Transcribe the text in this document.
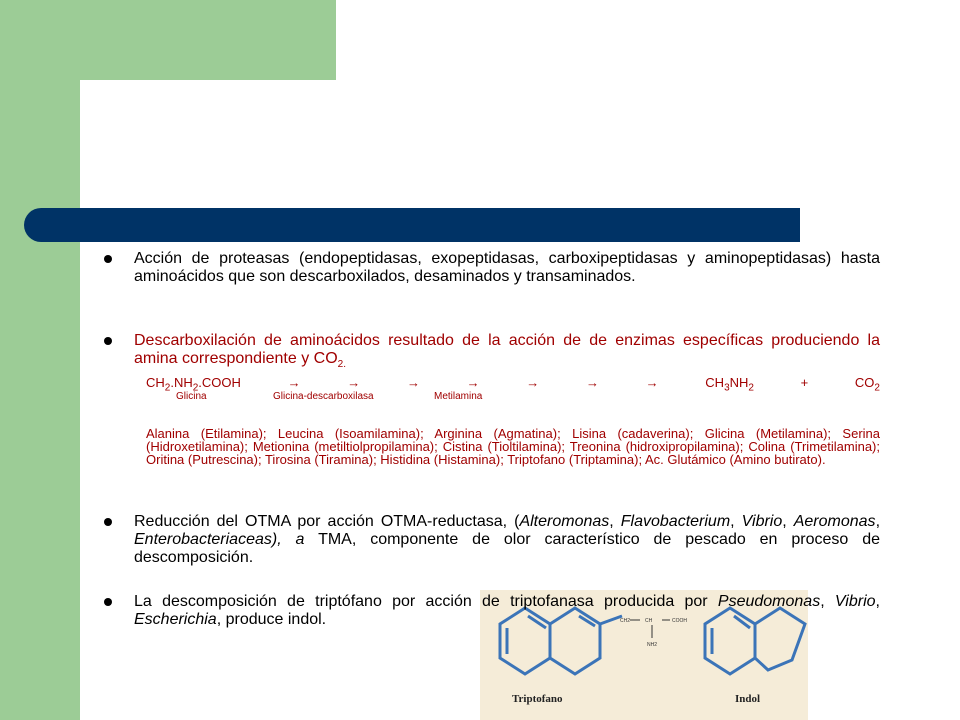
Acción de proteasas (endopeptidasas, exopeptidasas, carboxipeptidasas y aminopeptidasas) hasta aminoácidos que son descarboxilados, desaminados y transaminados.
Descarboxilación de aminoácidos resultado de la acción de de enzimas específicas produciendo la amina correspondiente y $CO_{2.}$
$CH_2.NH_2.COOH$	→	→	→	→	→	→	→	$CH_3NH_2$	+	$CO_2$
Glicina	Glicina-descarboxilasa	Metilamina
Alanina (Etilamina); Leucina (Isoamilamina); Arginina (Agmatina); Lisina (cadaverina); Glicina (Metilamina); Serina (Hidroxetilamina); Metionina (metiltiolpropilamina); Cistina (Tioltilamina); Treonina (hidroxipropilamina); Colina (Trimetilamina); Oritina (Putrescina); Tirosina (Tiramina); Histidina (Histamina); Triptofano (Triptamina); Ac. Glutámico (Amino butirato).
Reducción del OTMA por acción OTMA-reductasa, (Alteromonas, Flavobacterium, Vibrio, Aeromonas, Enterobacteriaceas), a TMA, componente de olor característico de pescado en proceso de descomposición.
La descomposición de triptófano por acción de triptofanasa producida por Pseudomonas, Vibrio, Escherichia, produce indol.	CH2	CH	COOH
NH2
Triptofano	Indol
